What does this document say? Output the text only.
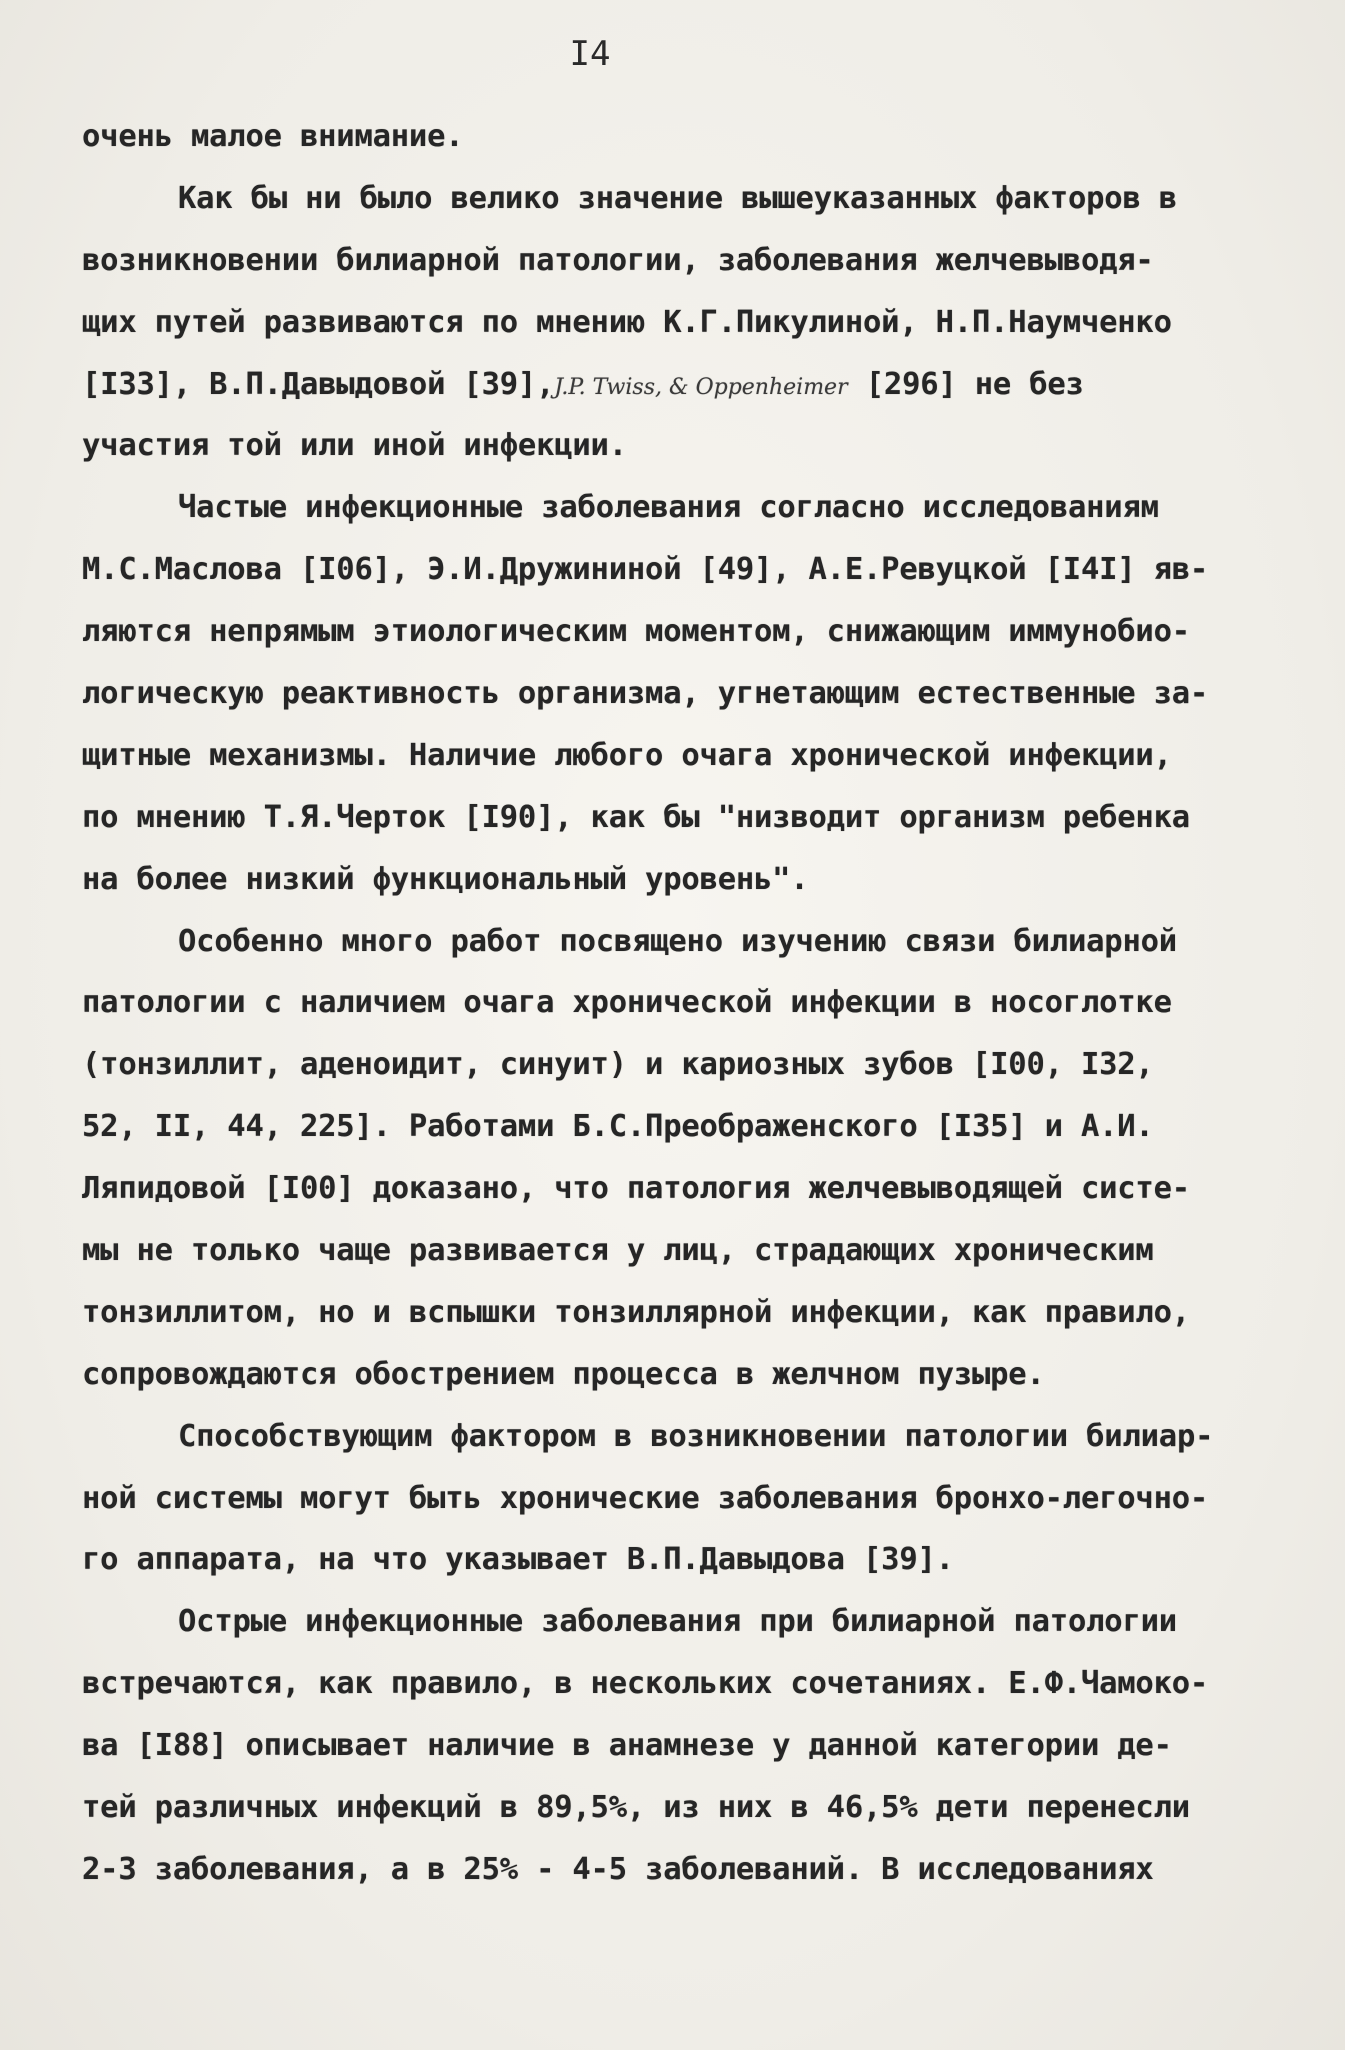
I4
очень малое внимание.
Как бы ни было велико значение вышеуказанных факторов в
возникновении билиарной патологии, заболевания желчевыводя-
щих путей развиваются по мнению К.Г.Пикулиной, Н.П.Наумченко
[I33], В.П.Давыдовой [39],J.P. Twiss, & Oppenheimer [296] не без
участия той или иной инфекции.
Частые инфекционные заболевания согласно исследованиям
М.С.Маслова [I06], Э.И.Дружининой [49], А.Е.Ревуцкой [I4I] яв-
ляются непрямым этиологическим моментом, снижающим иммунобио-
логическую реактивность организма, угнетающим естественные за-
щитные механизмы. Наличие любого очага хронической инфекции,
по мнению Т.Я.Черток [I90], как бы "низводит организм ребенка
на более низкий функциональный уровень".
Особенно много работ посвящено изучению связи билиарной
патологии с наличием очага хронической инфекции в носоглотке
(тонзиллит, аденоидит, синуит) и кариозных зубов [I00, I32,
52, II, 44, 225]. Работами Б.С.Преображенского [I35] и А.И.
Ляпидовой [I00] доказано, что патология желчевыводящей систе-
мы не только чаще развивается у лиц, страдающих хроническим
тонзиллитом, но и вспышки тонзиллярной инфекции, как правило,
сопровождаются обострением процесса в желчном пузыре.
Способствующим фактором в возникновении патологии билиар-
ной системы могут быть хронические заболевания бронхо-легочно-
го аппарата, на что указывает В.П.Давыдова [39].
Острые инфекционные заболевания при билиарной патологии
встречаются, как правило, в нескольких сочетаниях. Е.Ф.Чамоко-
ва [I88] описывает наличие в анамнезе у данной категории де-
тей различных инфекций в 89,5%, из них в 46,5% дети перенесли
2-3 заболевания, а в 25% - 4-5 заболеваний. В исследованиях
